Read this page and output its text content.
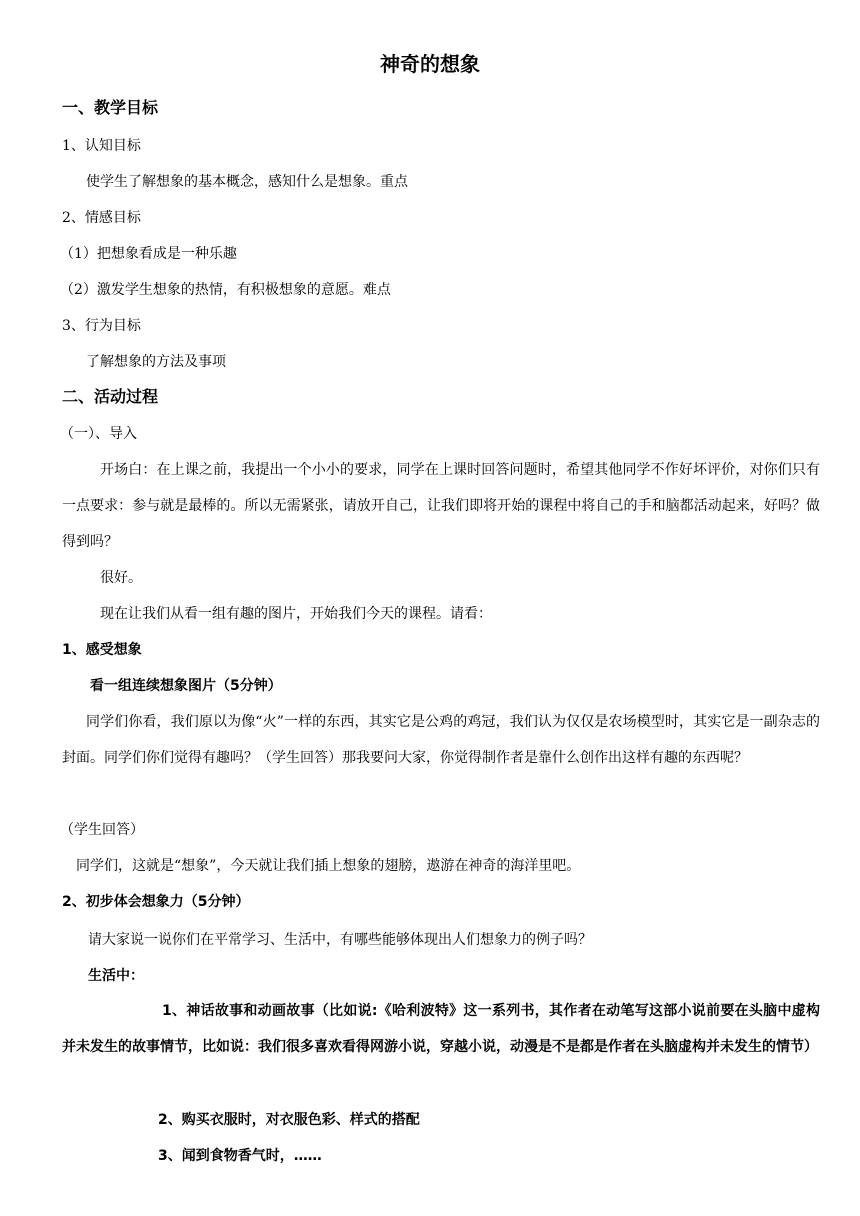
神奇的想象
一、教学目标
1、认知目标
使学生了解想象的基本概念，感知什么是想象。重点
2、情感目标
（1）把想象看成是一种乐趣
（2）激发学生想象的热情，有积极想象的意愿。难点
3、行为目标
了解想象的方法及事项
二、活动过程
（一）、导入
开场白：在上课之前，我提出一个小小的要求，同学在上课时回答问题时，希望其他同学不作好坏评价，对你们只有一点要求：参与就是最棒的。所以无需紧张，请放开自己，让我们即将开始的课程中将自己的手和脑都活动起来，好吗？做得到吗？
很好。
现在让我们从看一组有趣的图片，开始我们今天的课程。请看：
1、感受想象
看一组连续想象图片（5分钟）
同学们你看，我们原以为像“火”一样的东西，其实它是公鸡的鸡冠，我们认为仅仅是农场模型时，其实它是一副杂志的封面。同学们你们觉得有趣吗？（学生回答）那我要问大家，你觉得制作者是靠什么创作出这样有趣的东西呢？
（学生回答）
同学们，这就是“想象”，今天就让我们插上想象的翅膀，遨游在神奇的海洋里吧。
2、初步体会想象力（5分钟）
请大家说一说你们在平常学习、生活中，有哪些能够体现出人们想象力的例子吗？
生活中：
1、神话故事和动画故事（比如说:《哈利波特》这一系列书，其作者在动笔写这部小说前要在头脑中虚构并未发生的故事情节，比如说：我们很多喜欢看得网游小说，穿越小说，动漫是不是都是作者在头脑虚构并未发生的情节）
2、购买衣服时，对衣服色彩、样式的搭配
3、闻到食物香气时，……
